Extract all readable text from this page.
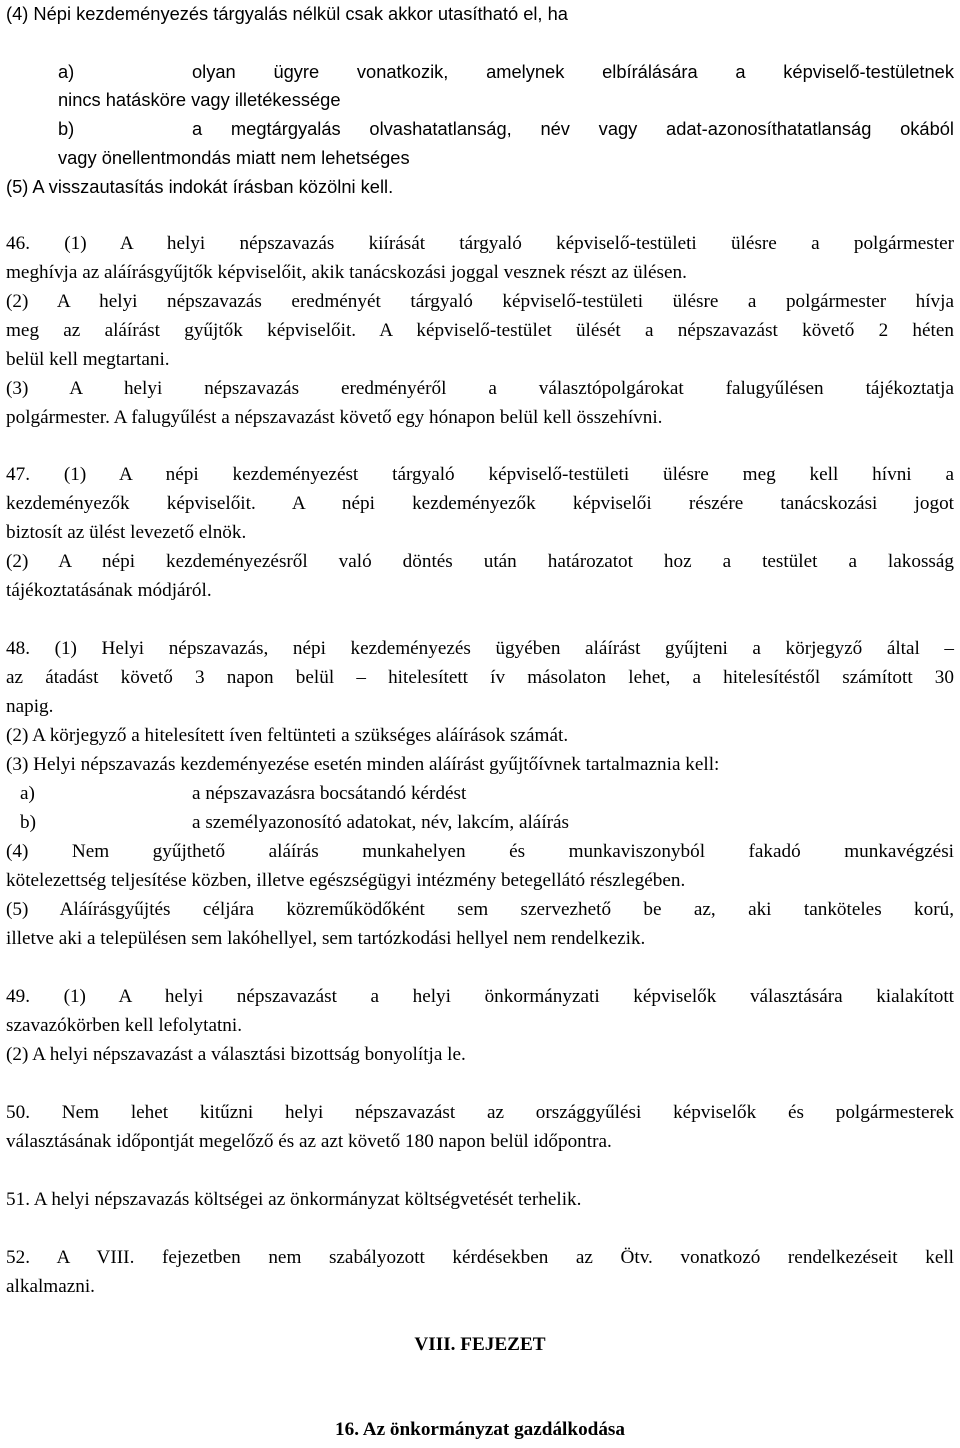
(4) Népi kezdeményezés tárgyalás nélkül csak akkor utasítható el, ha
a)	olyan ügyre vonatkozik, amelynek elbírálására a képviselő-testületnek
nincs hatásköre vagy illetékessége
b)	a megtárgyalás olvashatatlanság, név vagy adat-azonosíthatatlanság okából
vagy önellentmondás miatt nem lehetséges
(5) A visszautasítás indokát írásban közölni kell.
46. (1) A helyi népszavazás kiírását tárgyaló képviselő-testületi ülésre a polgármester
meghívja az aláírásgyűjtők képviselőit, akik tanácskozási joggal vesznek részt az ülésen.
(2) A helyi népszavazás eredményét tárgyaló képviselő-testületi ülésre a polgármester hívja
meg az aláírást gyűjtők képviselőit. A képviselő-testület ülését a népszavazást követő 2 héten
belül kell megtartani.
(3) A helyi népszavazás eredményéről a választópolgárokat falugyűlésen tájékoztatja
polgármester. A falugyűlést a népszavazást követő egy hónapon belül kell összehívni.
47. (1) A népi kezdeményezést tárgyaló képviselő-testületi ülésre meg kell hívni a
kezdeményezők képviselőit. A népi kezdeményezők képviselői részére tanácskozási jogot
biztosít az ülést levezető elnök.
(2) A népi kezdeményezésről való döntés után határozatot hoz a testület a lakosság
tájékoztatásának módjáról.
48. (1) Helyi népszavazás, népi kezdeményezés ügyében aláírást gyűjteni a körjegyző által –
az átadást követő 3 napon belül – hitelesített ív másolaton lehet, a hitelesítéstől számított 30
napig.
(2) A körjegyző a hitelesített íven feltünteti a szükséges aláírások számát.
(3) Helyi népszavazás kezdeményezése esetén minden aláírást gyűjtőívnek tartalmaznia kell:
a)	a népszavazásra bocsátandó kérdést
b)	a személyazonosító adatokat, név, lakcím, aláírás
(4) Nem gyűjthető aláírás munkahelyen és munkaviszonyból fakadó munkavégzési
kötelezettség teljesítése közben, illetve egészségügyi intézmény betegellátó részlegében.
(5) Aláírásgyűjtés céljára közreműködőként sem szervezhető be az, aki tanköteles korú,
illetve aki a településen sem lakóhellyel, sem tartózkodási hellyel nem rendelkezik.
49. (1) A helyi népszavazást a helyi önkormányzati képviselők választására kialakított
szavazókörben kell lefolytatni.
(2) A helyi népszavazást a választási bizottság bonyolítja le.
50. Nem lehet kitűzni helyi népszavazást az országgyűlési képviselők és polgármesterek
választásának időpontját megelőző és az azt követő 180 napon belül időpontra.
51. A helyi népszavazás költségei az önkormányzat költségvetését terhelik.
52. A VIII. fejezetben nem szabályozott kérdésekben az Ötv. vonatkozó rendelkezéseit kell
alkalmazni.
VIII. FEJEZET
16. Az önkormányzat gazdálkodása
